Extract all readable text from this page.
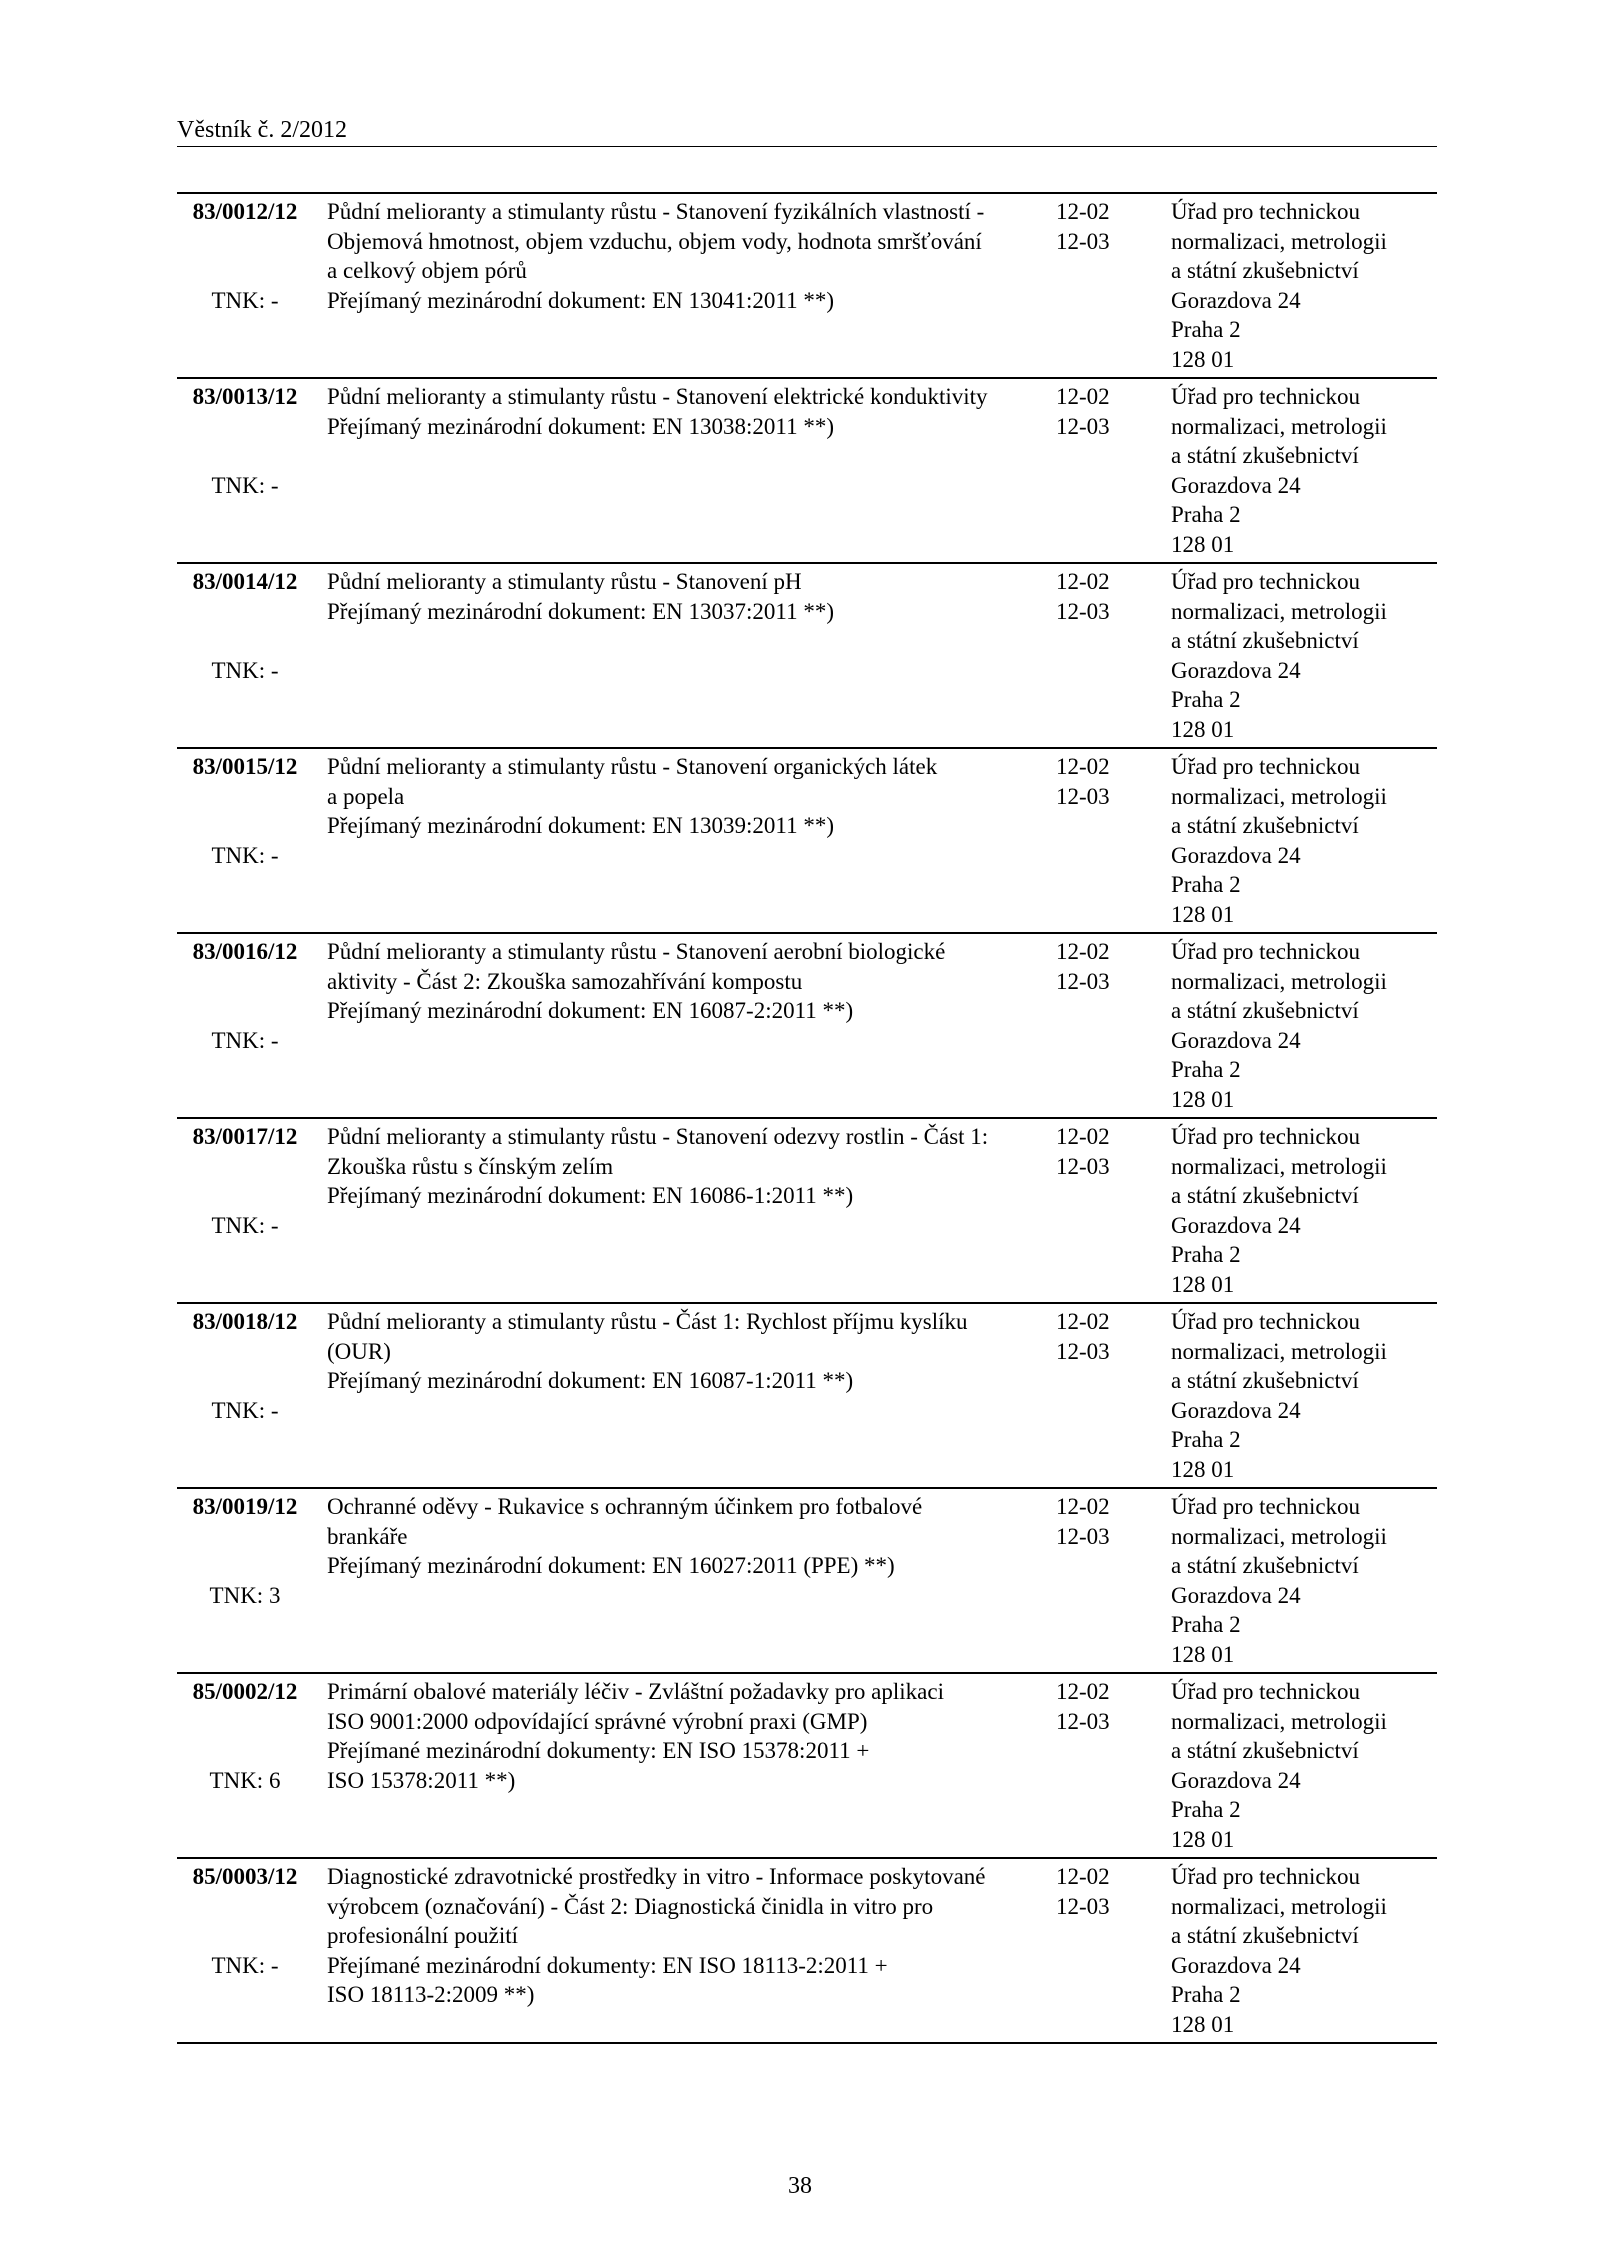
Věstník č. 2/2012
83/0012/12
TNK: -
Půdní melioranty a stimulanty růstu - Stanovení fyzikálních vlastností -
Objemová hmotnost, objem vzduchu, objem vody, hodnota smršťování
a celkový objem pórů
Přejímaný mezinárodní dokument: EN 13041:2011 **)
12-02
12-03
Úřad pro technickou
normalizaci, metrologii
a státní zkušebnictví
Gorazdova 24
Praha 2
128 01
83/0013/12
TNK: -
Půdní melioranty a stimulanty růstu - Stanovení elektrické konduktivity
Přejímaný mezinárodní dokument: EN 13038:2011 **)
12-02
12-03
Úřad pro technickou
normalizaci, metrologii
a státní zkušebnictví
Gorazdova 24
Praha 2
128 01
83/0014/12
TNK: -
Půdní melioranty a stimulanty růstu - Stanovení pH
Přejímaný mezinárodní dokument: EN 13037:2011 **)
12-02
12-03
Úřad pro technickou
normalizaci, metrologii
a státní zkušebnictví
Gorazdova 24
Praha 2
128 01
83/0015/12
TNK: -
Půdní melioranty a stimulanty růstu - Stanovení organických látek
a popela
Přejímaný mezinárodní dokument: EN 13039:2011 **)
12-02
12-03
Úřad pro technickou
normalizaci, metrologii
a státní zkušebnictví
Gorazdova 24
Praha 2
128 01
83/0016/12
TNK: -
Půdní melioranty a stimulanty růstu - Stanovení aerobní biologické
aktivity - Část 2: Zkouška samozahřívání kompostu
Přejímaný mezinárodní dokument: EN 16087-2:2011 **)
12-02
12-03
Úřad pro technickou
normalizaci, metrologii
a státní zkušebnictví
Gorazdova 24
Praha 2
128 01
83/0017/12
TNK: -
Půdní melioranty a stimulanty růstu - Stanovení odezvy rostlin - Část 1:
Zkouška růstu s čínským zelím
Přejímaný mezinárodní dokument: EN 16086-1:2011 **)
12-02
12-03
Úřad pro technickou
normalizaci, metrologii
a státní zkušebnictví
Gorazdova 24
Praha 2
128 01
83/0018/12
TNK: -
Půdní melioranty a stimulanty růstu - Část 1: Rychlost příjmu kyslíku
(OUR)
Přejímaný mezinárodní dokument: EN 16087-1:2011 **)
12-02
12-03
Úřad pro technickou
normalizaci, metrologii
a státní zkušebnictví
Gorazdova 24
Praha 2
128 01
83/0019/12
TNK: 3
Ochranné oděvy - Rukavice s ochranným účinkem pro fotbalové
brankáře
Přejímaný mezinárodní dokument: EN 16027:2011 (PPE) **)
12-02
12-03
Úřad pro technickou
normalizaci, metrologii
a státní zkušebnictví
Gorazdova 24
Praha 2
128 01
85/0002/12
TNK: 6
Primární obalové materiály léčiv - Zvláštní požadavky pro aplikaci
ISO 9001:2000 odpovídající správné výrobní praxi (GMP)
Přejímané mezinárodní dokumenty: EN ISO 15378:2011 +
ISO 15378:2011 **)
12-02
12-03
Úřad pro technickou
normalizaci, metrologii
a státní zkušebnictví
Gorazdova 24
Praha 2
128 01
85/0003/12
TNK: -
Diagnostické zdravotnické prostředky in vitro - Informace poskytované
výrobcem (označování) - Část 2: Diagnostická činidla in vitro pro
profesionální použití
Přejímané mezinárodní dokumenty: EN ISO 18113-2:2011 +
ISO 18113-2:2009 **)
12-02
12-03
Úřad pro technickou
normalizaci, metrologii
a státní zkušebnictví
Gorazdova 24
Praha 2
128 01
38
